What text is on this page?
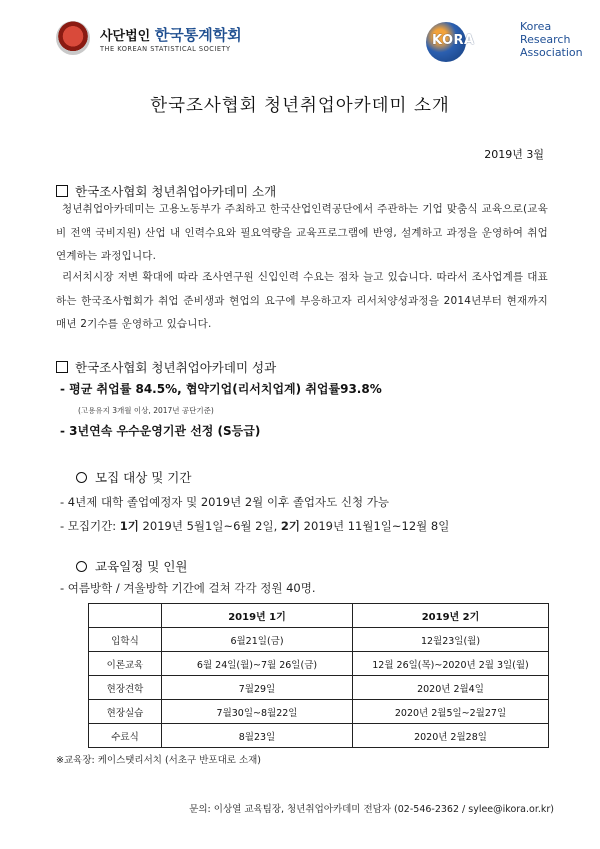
사단법인 한국통계학회
THE KOREAN STATISTICAL SOCIETY
KORA
Korea
Research
Association
한국조사협회 청년취업아카데미 소개
2019년 3월
한국조사협회 청년취업아카데미 소개
청년취업아카데미는 고용노동부가 주최하고 한국산업인력공단에서 주관하는 기업 맞춤식 교육으로(교육비 전액 국비지원) 산업 내 인력수요와 필요역량을 교육프로그램에 반영, 설계하고 과정을 운영하여 취업 연계하는 과정입니다.
리서치시장 저변 확대에 따라 조사연구원 신입인력 수요는 점차 늘고 있습니다. 따라서 조사업계를 대표하는 한국조사협회가 취업 준비생과 현업의 요구에 부응하고자 리서처양성과정을 2014년부터 현재까지 매년 2기수를 운영하고 있습니다.
한국조사협회 청년취업아카데미 성과
- 평균 취업률 84.5%, 협약기업(리서치업계) 취업률93.8%
(고용유지 3개월 이상, 2017년 공단기준)
- 3년연속 우수운영기관 선정 (S등급)
모집 대상 및 기간
- 4년제 대학 졸업예정자 및 2019년 2월 이후 졸업자도 신청 가능
- 모집기간: 1기 2019년 5월1일~6월 2일, 2기 2019년 11월1일~12월 8일
교육일정 및 인원
- 여름방학 / 겨울방학 기간에 걸쳐 각각 정원 40명.
	2019년 1기	2019년 2기
입학식	6월21일(금)	12월23일(월)
이론교육	6월 24일(월)~7월 26일(금)	12월 26일(목)~2020년 2월 3일(월)
현장견학	7월29일	2020년 2월4일
현장실습	7월30일~8월22일	2020년 2월5일~2월27일
수료식	8월23일	2020년 2월28일
※교육장: 케이스탯리서치 (서초구 반포대로 소재)
문의: 이상열 교육팀장, 청년취업아카데미 전담자 (02-546-2362 / sylee@ikora.or.kr)
